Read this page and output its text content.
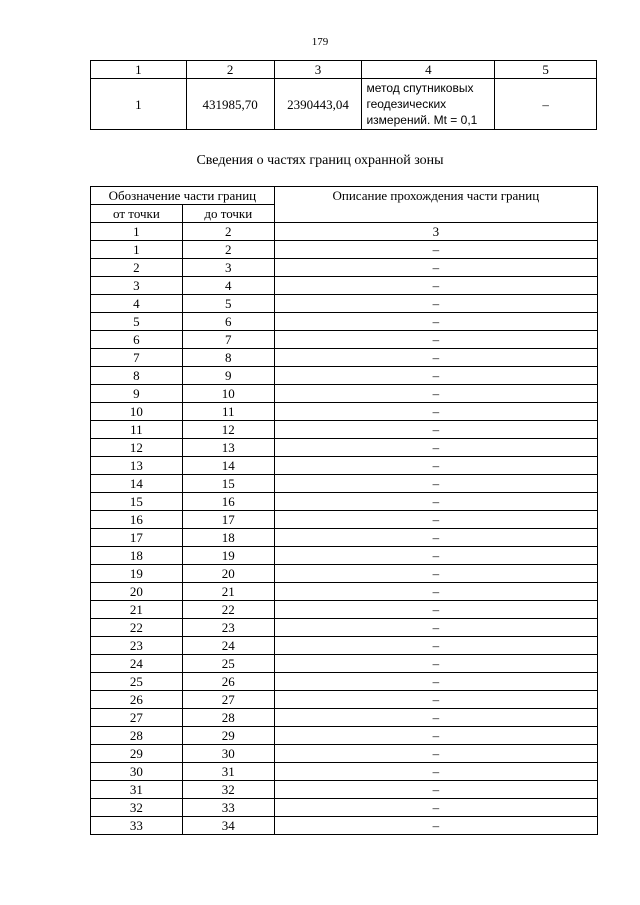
179
1	2	3	4	5
1	431985,70	2390443,04	метод спутниковых
геодезических
измерений. Mt = 0,1	–
Сведения о частях границ охранной зоны
Обозначение части границ		Описание прохождения части границ
от точки	до точки	
1	2	3
1	2	–
2	3	–
3	4	–
4	5	–
5	6	–
6	7	–
7	8	–
8	9	–
9	10	–
10	11	–
11	12	–
12	13	–
13	14	–
14	15	–
15	16	–
16	17	–
17	18	–
18	19	–
19	20	–
20	21	–
21	22	–
22	23	–
23	24	–
24	25	–
25	26	–
26	27	–
27	28	–
28	29	–
29	30	–
30	31	–
31	32	–
32	33	–
33	34	–
